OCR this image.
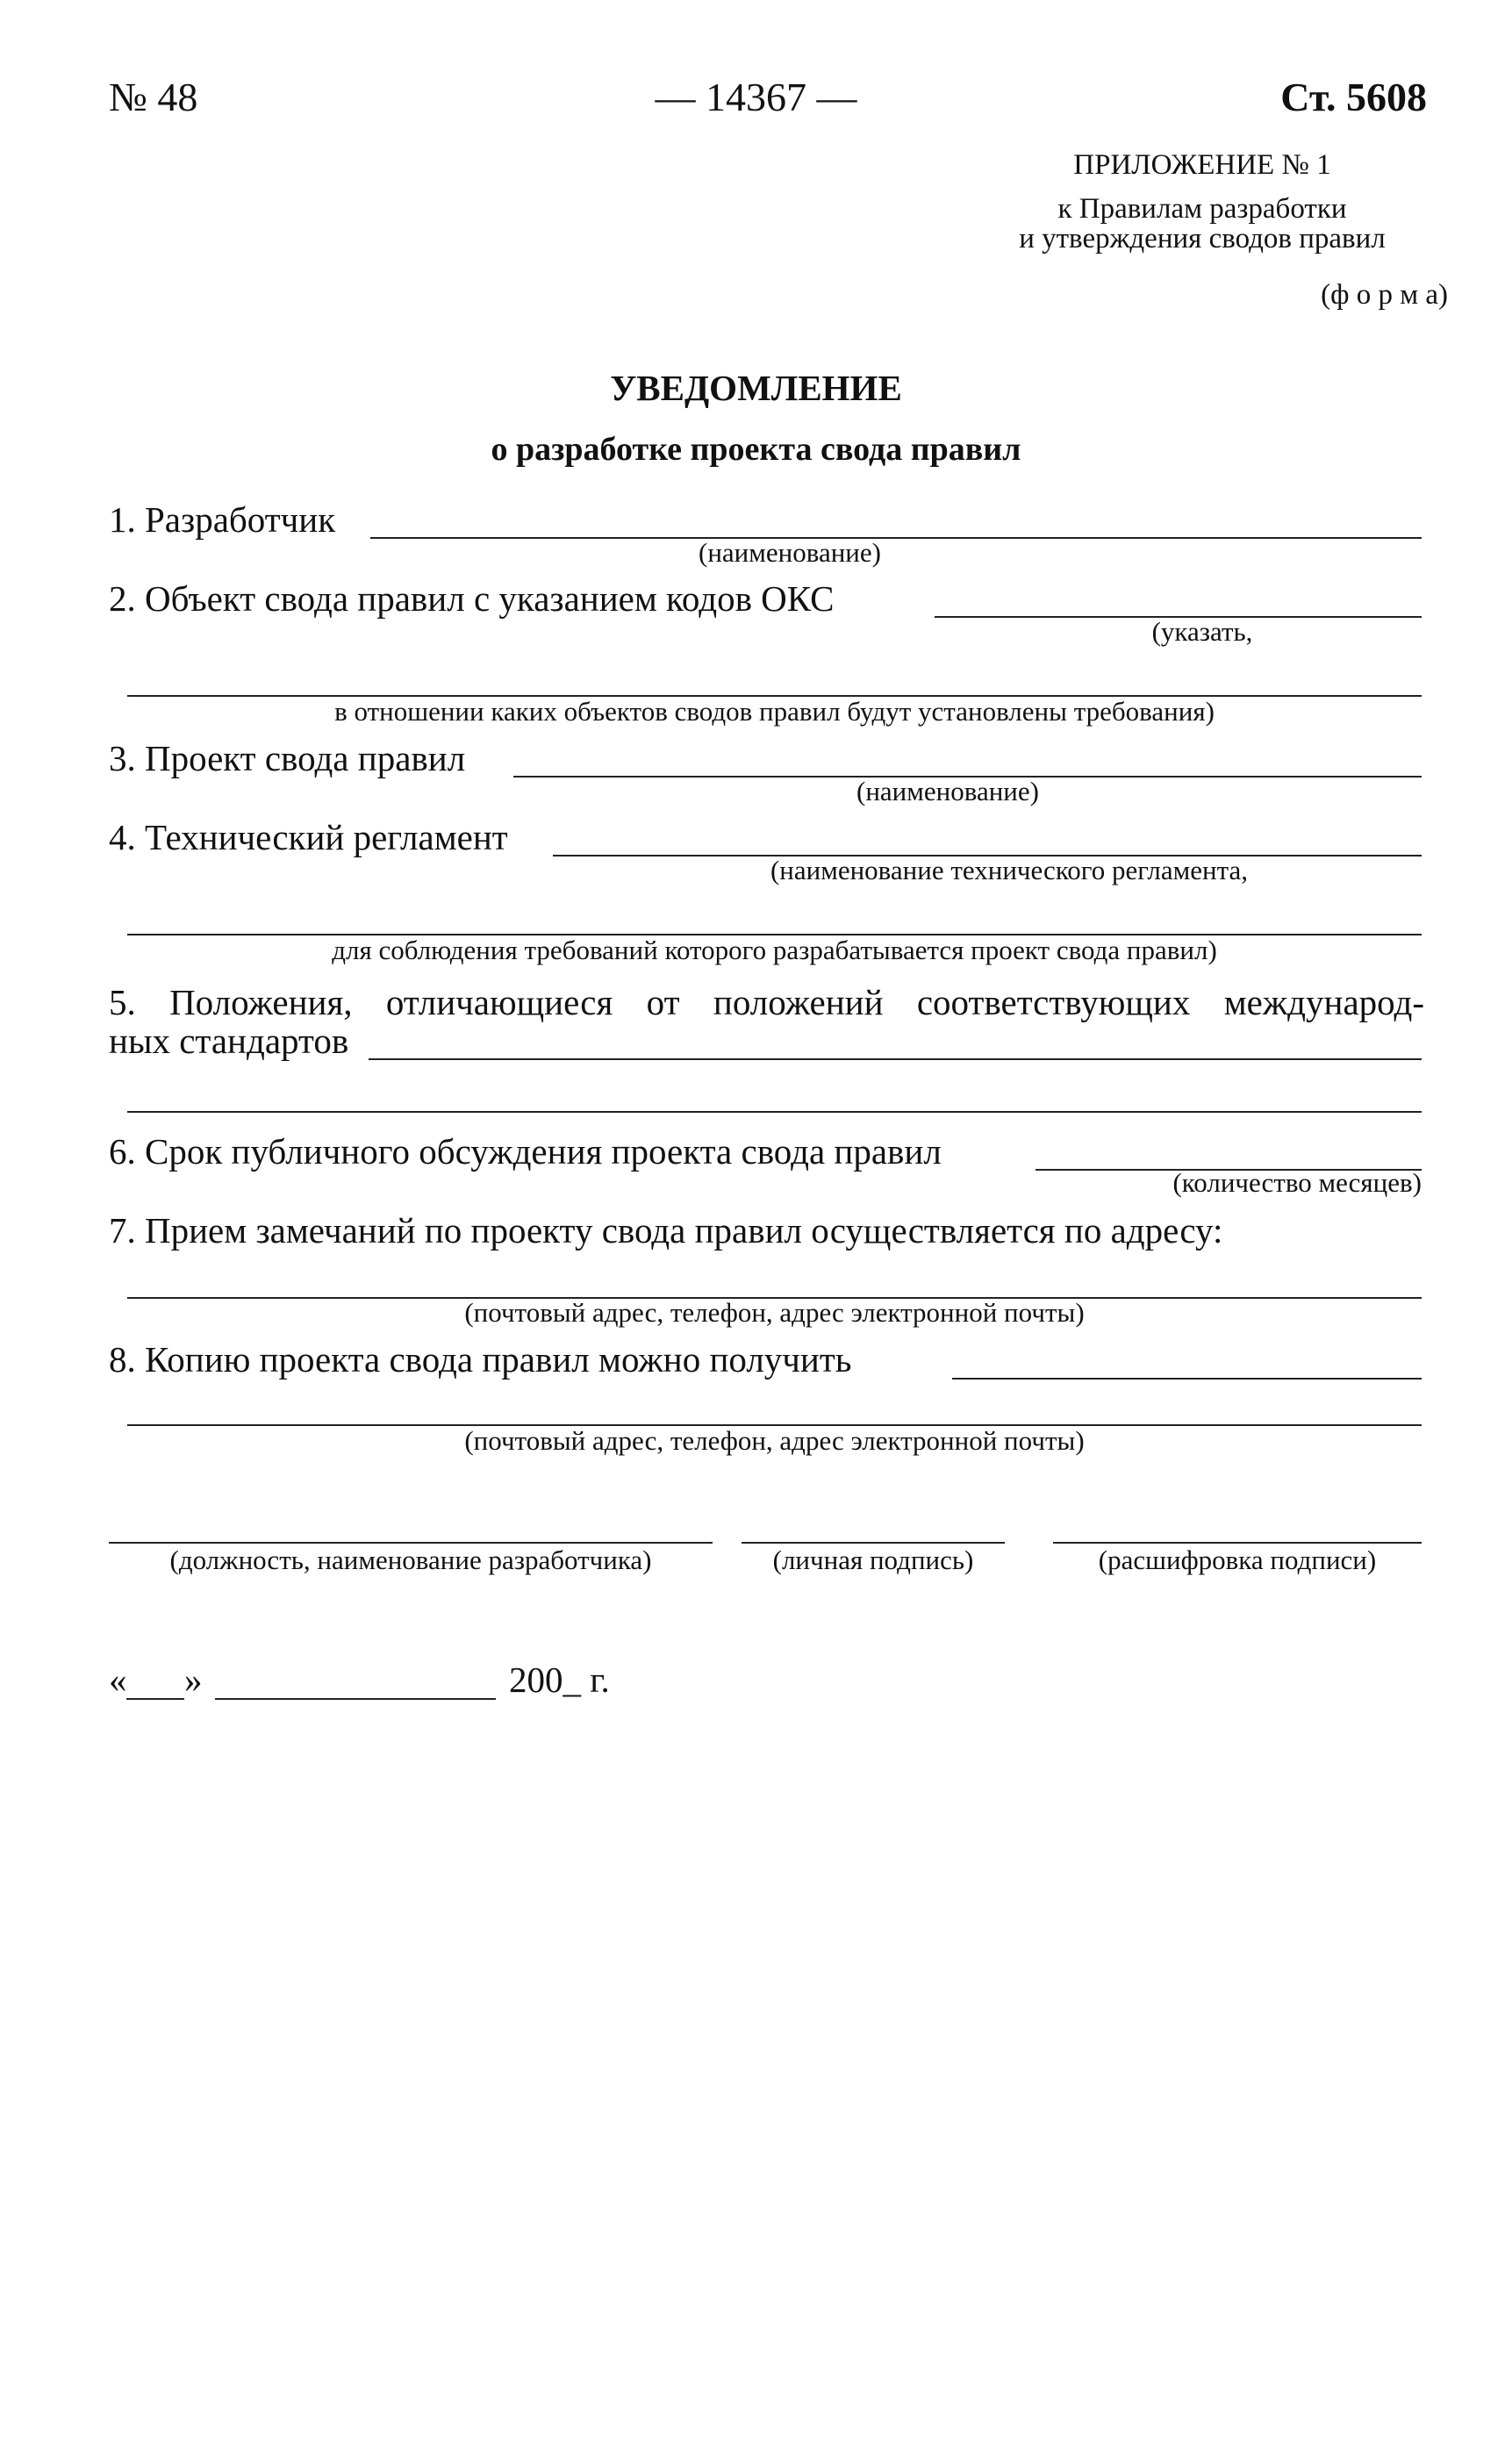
№ 48	— 14367 —	Ст. 5608
ПРИЛОЖЕНИЕ № 1
к Правилам разработки
и утверждения сводов правил
(ф о р м а)
УВЕДОМЛЕНИЕ
о разработке проекта свода правил
1. Разработчик
(наименование)
2. Объект свода правил с указанием кодов ОКС
(указать,
в отношении каких объектов сводов правил будут установлены требования)
3. Проект свода правил
(наименование)
4. Технический регламент
(наименование технического регламента,
для соблюдения требований которого разрабатывается проект свода правил)
5. Положения, отличающиеся от положений соответствующих международ-
ных стандартов
6. Срок публичного обсуждения проекта свода правил
(количество месяцев)
7. Прием замечаний по проекту свода правил осуществляется по адресу:
(почтовый адрес, телефон, адрес электронной почты)
8. Копию проекта свода правил можно получить
(почтовый адрес, телефон, адрес электронной почты)
(должность, наименование разработчика)	(личная подпись)	(расшифровка подписи)
« »	200_ г.
